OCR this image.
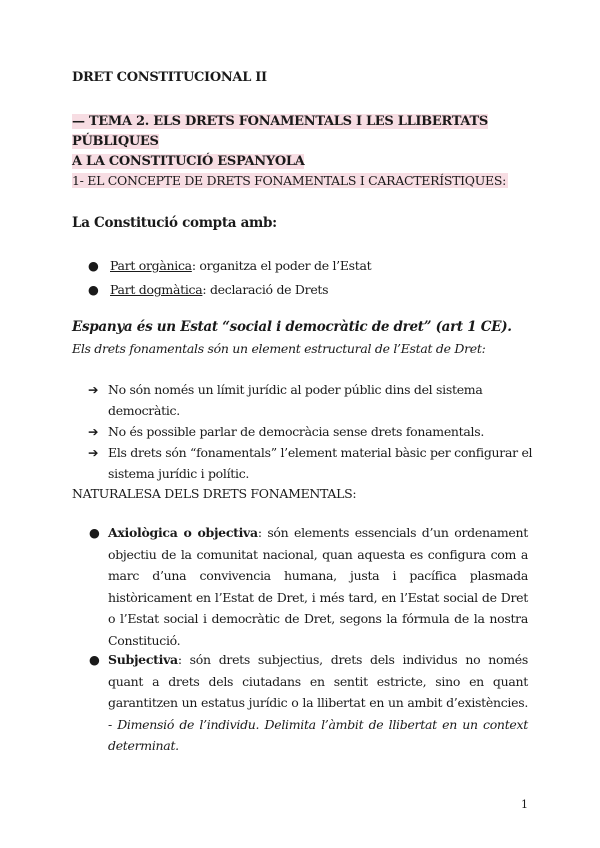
DRET CONSTITUCIONAL II
— TEMA 2. ELS DRETS FONAMENTALS I LES LLIBERTATS PÚBLIQUES
A LA CONSTITUCIÓ ESPANYOLA
1- EL CONCEPTE DE DRETS FONAMENTALS I CARACTERÍSTIQUES:
La Constitució compta amb:
● Part orgànica: organitza el poder de l’Estat
● Part dogmàtica: declaració de Drets
Espanya és un Estat “social i democràtic de dret” (art 1 CE).
Els drets fonamentals són un element estructural de l’Estat de Dret:
➔ No són només un límit jurídic al poder públic dins del sistema democràtic.
➔ No és possible parlar de democràcia sense drets fonamentals.
➔ Els drets són “fonamentals” l’element material bàsic per configurar el sistema jurídic i polític.
NATURALESA DELS DRETS FONAMENTALS:
● Axiològica o objectiva: són elements essencials d’un ordenament objectiu de la comunitat nacional, quan aquesta es configura com a marc d’una convivencia humana, justa i pacífica plasmada històricament en l’Estat de Dret, i més tard, en l’Estat social de Dret o l’Estat social i democràtic de Dret, segons la fórmula de la nostra Constitució.
● Subjectiva: són drets subjectius, drets dels individus no només quant a drets dels ciutadans en sentit estricte, sino en quant garantitzen un estatus jurídic o la llibertat en un ambit d’existències. - Dimensió de l’individu. Delimita l’àmbit de llibertat en un context determinat.
1
